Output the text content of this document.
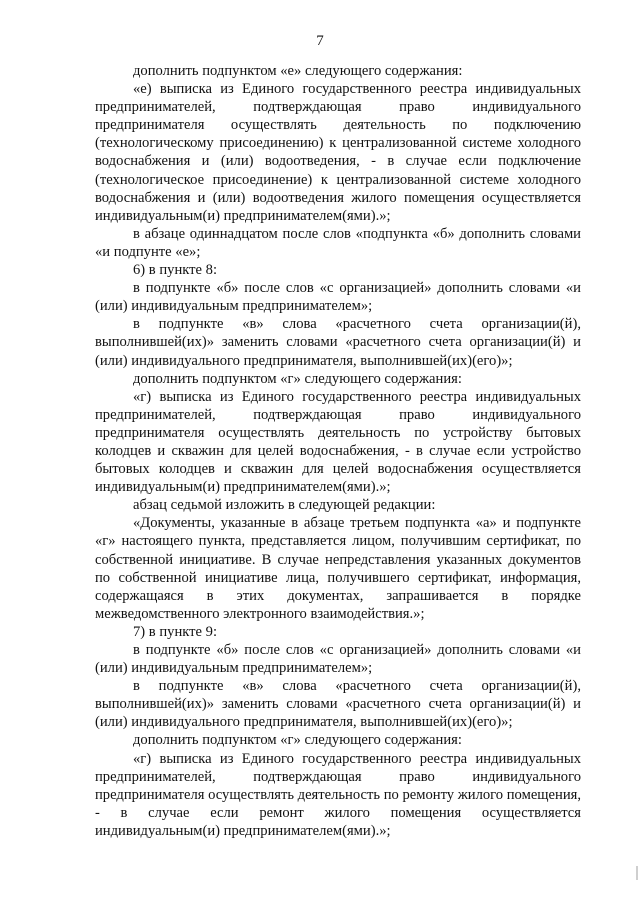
7

дополнить подпунктом «е» следующего содержания:

«е) выписка из Единого государственного реестра индивидуальных предпринимателей, подтверждающая право индивидуального предпринимателя осуществлять деятельность по подключению (технологическому присоединению) к централизованной системе холодного водоснабжения и (или) водоотведения, - в случае если подключение (технологическое присоединение) к централизованной системе холодного водоснабжения и (или) водоотведения жилого помещения осуществляется индивидуальным(и) предпринимателем(ями).»;

в абзаце одиннадцатом после слов «подпункта «б» дополнить словами «и подпунте «е»;

6) в пункте 8:

в подпункте «б» после слов «с организацией» дополнить словами «и (или) индивидуальным предпринимателем»;

в подпункте «в» слова «расчетного счета организации(й), выполнившей(их)» заменить словами «расчетного счета организации(й) и (или) индивидуального предпринимателя, выполнившей(их)(его)»;

дополнить подпунктом «г» следующего содержания:

«г) выписка из Единого государственного реестра индивидуальных предпринимателей, подтверждающая право индивидуального предпринимателя осуществлять деятельность по устройству бытовых колодцев и скважин для целей водоснабжения, - в случае если устройство бытовых колодцев и скважин для целей водоснабжения осуществляется индивидуальным(и) предпринимателем(ями).»;

абзац седьмой изложить в следующей редакции:

«Документы, указанные в абзаце третьем подпункта «а» и подпункте «г» настоящего пункта, представляется лицом, получившим сертификат, по собственной инициативе. В случае непредставления указанных документов по собственной инициативе лица, получившего сертификат, информация, содержащаяся в этих документах, запрашивается в порядке межведомственного электронного взаимодействия.»;

7) в пункте 9:

в подпункте «б» после слов «с организацией» дополнить словами «и (или) индивидуальным предпринимателем»;

в подпункте «в» слова «расчетного счета организации(й), выполнившей(их)» заменить словами «расчетного счета организации(й) и (или) индивидуального предпринимателя, выполнившей(их)(его)»;

дополнить подпунктом «г» следующего содержания:

«г) выписка из Единого государственного реестра индивидуальных предпринимателей, подтверждающая право индивидуального предпринимателя осуществлять деятельность по ремонту жилого помещения, - в случае если ремонт жилого помещения осуществляется индивидуальным(и) предпринимателем(ями).»;
